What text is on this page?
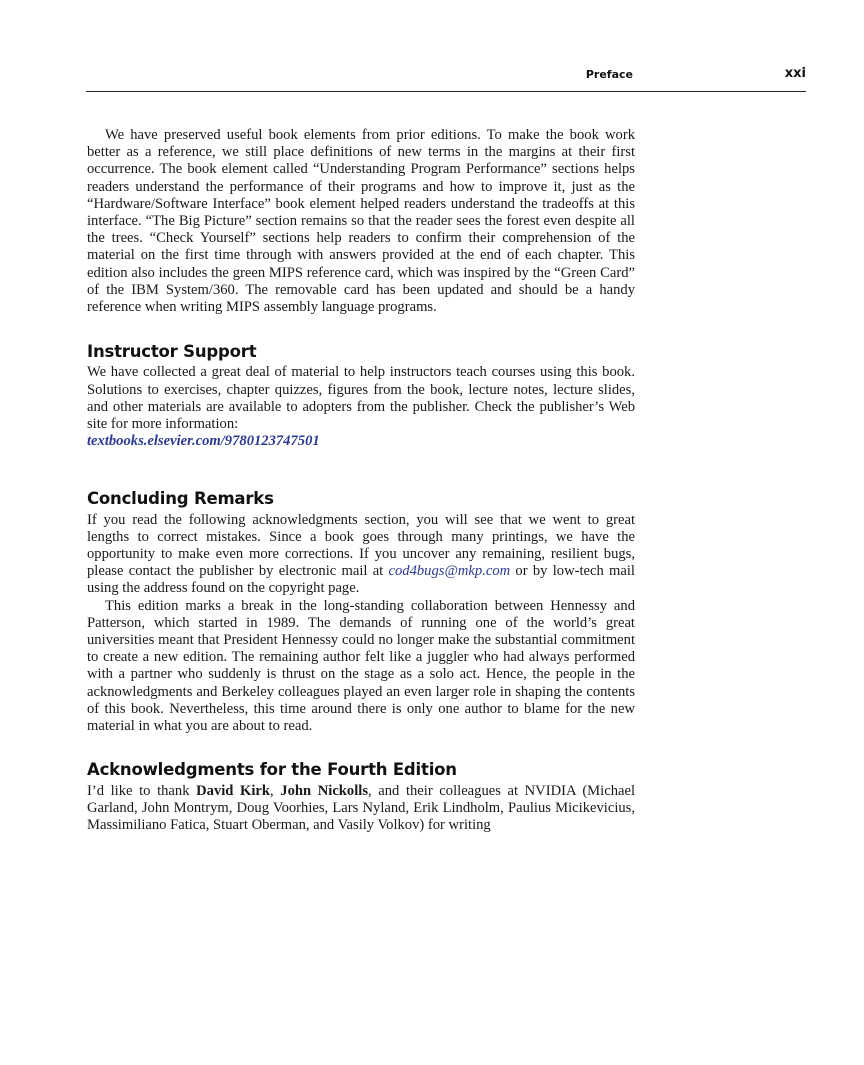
Preface	xxi

We have preserved useful book elements from prior editions. To make the book work better as a reference, we still place definitions of new terms in the margins at their first occurrence. The book element called “Understanding Program Performance” sections helps readers understand the performance of their programs and how to improve it, just as the “Hardware/Software Interface” book element helped readers understand the tradeoffs at this interface. “The Big Picture” section remains so that the reader sees the forest even despite all the trees. “Check Yourself” sections help readers to confirm their comprehension of the material on the first time through with answers provided at the end of each chapter. This edition also includes the green MIPS reference card, which was inspired by the “Green Card” of the IBM System/360. The removable card has been updated and should be a handy reference when writing MIPS assembly language programs.

Instructor Support

We have collected a great deal of material to help instructors teach courses using this book. Solutions to exercises, chapter quizzes, figures from the book, lecture notes, lecture slides, and other materials are available to adopters from the publisher. Check the publisher’s Web site for more information:

textbooks.elsevier.com/9780123747501

Concluding Remarks

If you read the following acknowledgments section, you will see that we went to great lengths to correct mistakes. Since a book goes through many printings, we have the opportunity to make even more corrections. If you uncover any remaining, resilient bugs, please contact the publisher by electronic mail at cod4bugs@mkp.com or by low-tech mail using the address found on the copyright page.

This edition marks a break in the long-standing collaboration between Hennessy and Patterson, which started in 1989. The demands of running one of the world’s great universities meant that President Hennessy could no longer make the substantial commitment to create a new edition. The remaining author felt like a juggler who had always performed with a partner who suddenly is thrust on the stage as a solo act. Hence, the people in the acknowledgments and Berkeley colleagues played an even larger role in shaping the contents of this book. Nevertheless, this time around there is only one author to blame for the new material in what you are about to read.

Acknowledgments for the Fourth Edition

I’d like to thank David Kirk, John Nickolls, and their colleagues at NVIDIA (Michael Garland, John Montrym, Doug Voorhies, Lars Nyland, Erik Lindholm, Paulius Micikevicius, Massimiliano Fatica, Stuart Oberman, and Vasily Volkov) for writing
